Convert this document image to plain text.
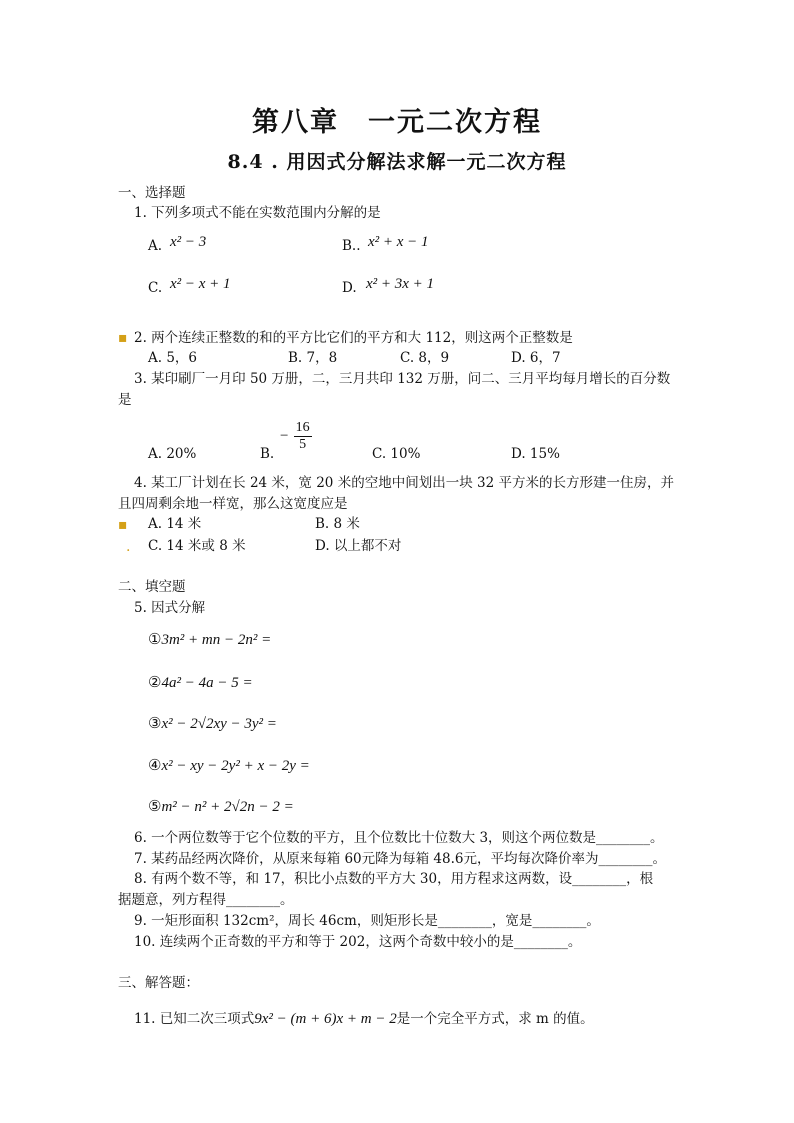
第八章　一元二次方程
8.4 . 用因式分解法求解一元二次方程
一、选择题
1. 下列多项式不能在实数范围内分解的是
A. x² − 3	B.. x² + x − 1
C. x² − x + 1	D. x² + 3x + 1
▪ 2. 两个连续正整数的和的平方比它们的平方和大 112，则这两个正整数是
A. 5，6	B. 7，8	C. 8，9	D. 6，7
3. 某印刷厂一月印 50 万册，二，三月共印 132 万册，问二、三月平均每月增长的百分数
是
A. 20%	B.
− $\frac{16}{5}$
C. 10%	D. 15%
4. 某工厂计划在长 24 米，宽 20 米的空地中间划出一块 32 平方米的长方形建一住房，并
且四周剩余地一样宽，那么这宽度应是
▪ A. 14 米	B. 8 米
. C. 14 米或 8 米	D. 以上都不对
二、填空题
5. 因式分解
①3m² + mn − 2n² =
②4a² − 4a − 5 =
③x² − 2√2xy − 3y² =
④x² − xy − 2y² + x − 2y =
⑤m² − n² + 2√2n − 2 =
6. 一个两位数等于它个位数的平方，且个位数比十位数大 3，则这个两位数是________。
7. 某药品经两次降价，从原来每箱 60元降为每箱 48.6元，平均每次降价率为________。
8. 有两个数不等，和 17，积比小点数的平方大 30，用方程求这两数，设________，根
据题意，列方程得________。
9. 一矩形面积 132cm²，周长 46cm，则矩形长是________，宽是________。
10. 连续两个正奇数的平方和等于 202，这两个奇数中较小的是________。
三、解答题：
11. 已知二次三项式9x² − (m + 6)x + m − 2是一个完全平方式，求 m 的值。
